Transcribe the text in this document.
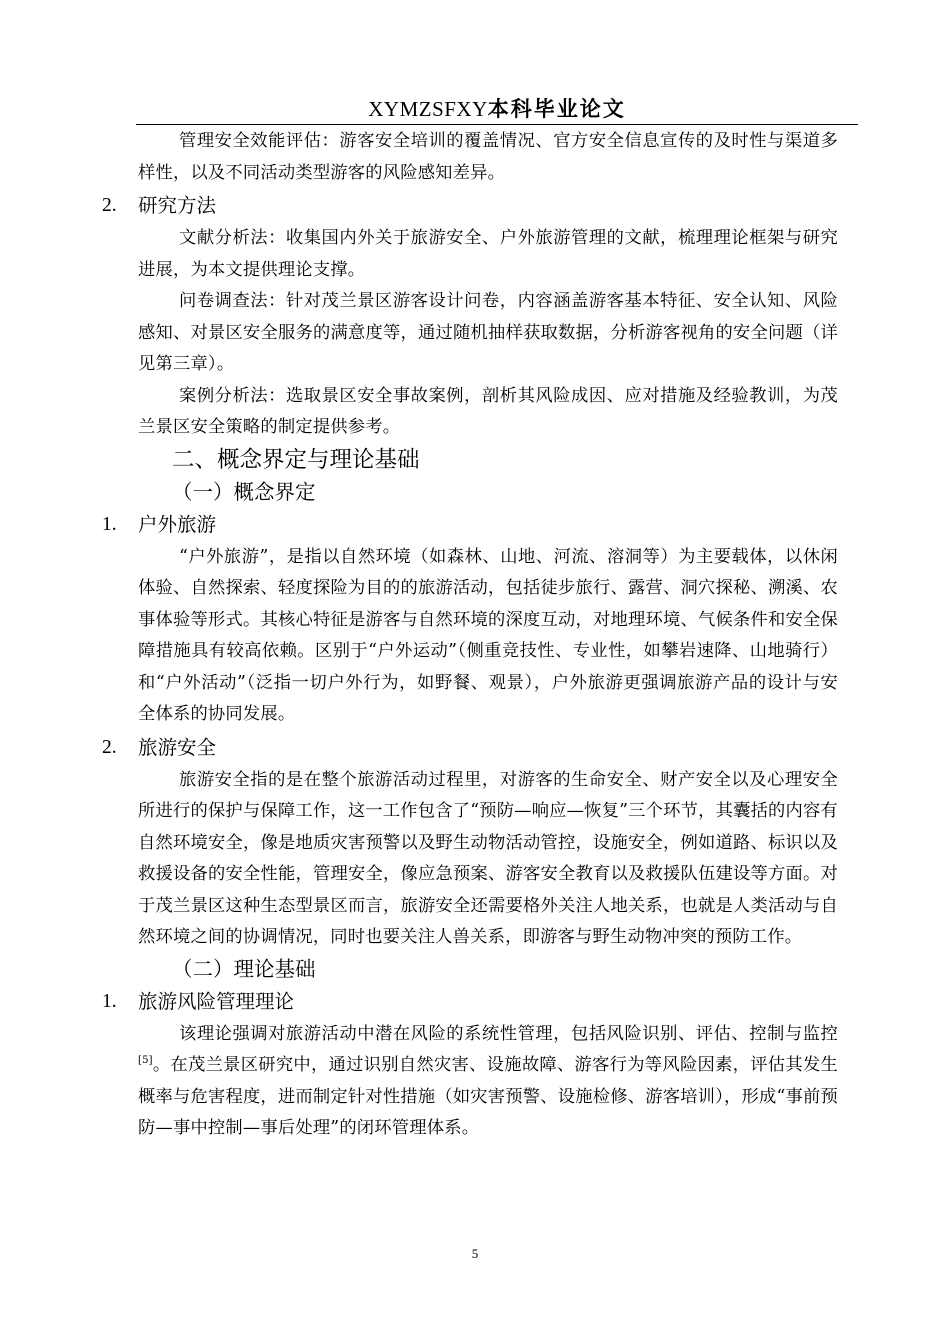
XYMZSFXY本科毕业论文

管理安全效能评估：游客安全培训的覆盖情况、官方安全信息宣传的及时性与渠道多样性，以及不同活动类型游客的风险感知差异。

2. 研究方法

文献分析法：收集国内外关于旅游安全、户外旅游管理的文献，梳理理论框架与研究进展，为本文提供理论支撑。

问卷调查法：针对茂兰景区游客设计问卷，内容涵盖游客基本特征、安全认知、风险感知、对景区安全服务的满意度等，通过随机抽样获取数据，分析游客视角的安全问题（详见第三章）。

案例分析法：选取景区安全事故案例，剖析其风险成因、应对措施及经验教训，为茂兰景区安全策略的制定提供参考。

二、概念界定与理论基础
（一）概念界定
1. 户外旅游

“户外旅游”，是指以自然环境（如森林、山地、河流、溶洞等）为主要载体，以休闲体验、自然探索、轻度探险为目的的旅游活动，包括徒步旅行、露营、洞穴探秘、溯溪、农事体验等形式。其核心特征是游客与自然环境的深度互动，对地理环境、气候条件和安全保障措施具有较高依赖。区别于“户外运动”（侧重竞技性、专业性，如攀岩速降、山地骑行）和“户外活动”（泛指一切户外行为，如野餐、观景），户外旅游更强调旅游产品的设计与安全体系的协同发展。

2. 旅游安全

旅游安全指的是在整个旅游活动过程里，对游客的生命安全、财产安全以及心理安全所进行的保护与保障工作，这一工作包含了“预防—响应—恢复”三个环节，其囊括的内容有自然环境安全，像是地质灾害预警以及野生动物活动管控，设施安全，例如道路、标识以及救援设备的安全性能，管理安全，像应急预案、游客安全教育以及救援队伍建设等方面。对于茂兰景区这种生态型景区而言，旅游安全还需要格外关注人地关系，也就是人类活动与自然环境之间的协调情况，同时也要关注人兽关系，即游客与野生动物冲突的预防工作。

（二）理论基础
1. 旅游风险管理理论

该理论强调对旅游活动中潜在风险的系统性管理，包括风险识别、评估、控制与监控[5]。在茂兰景区研究中，通过识别自然灾害、设施故障、游客行为等风险因素，评估其发生概率与危害程度，进而制定针对性措施（如灾害预警、设施检修、游客培训），形成“事前预防—事中控制—事后处理”的闭环管理体系。

5
